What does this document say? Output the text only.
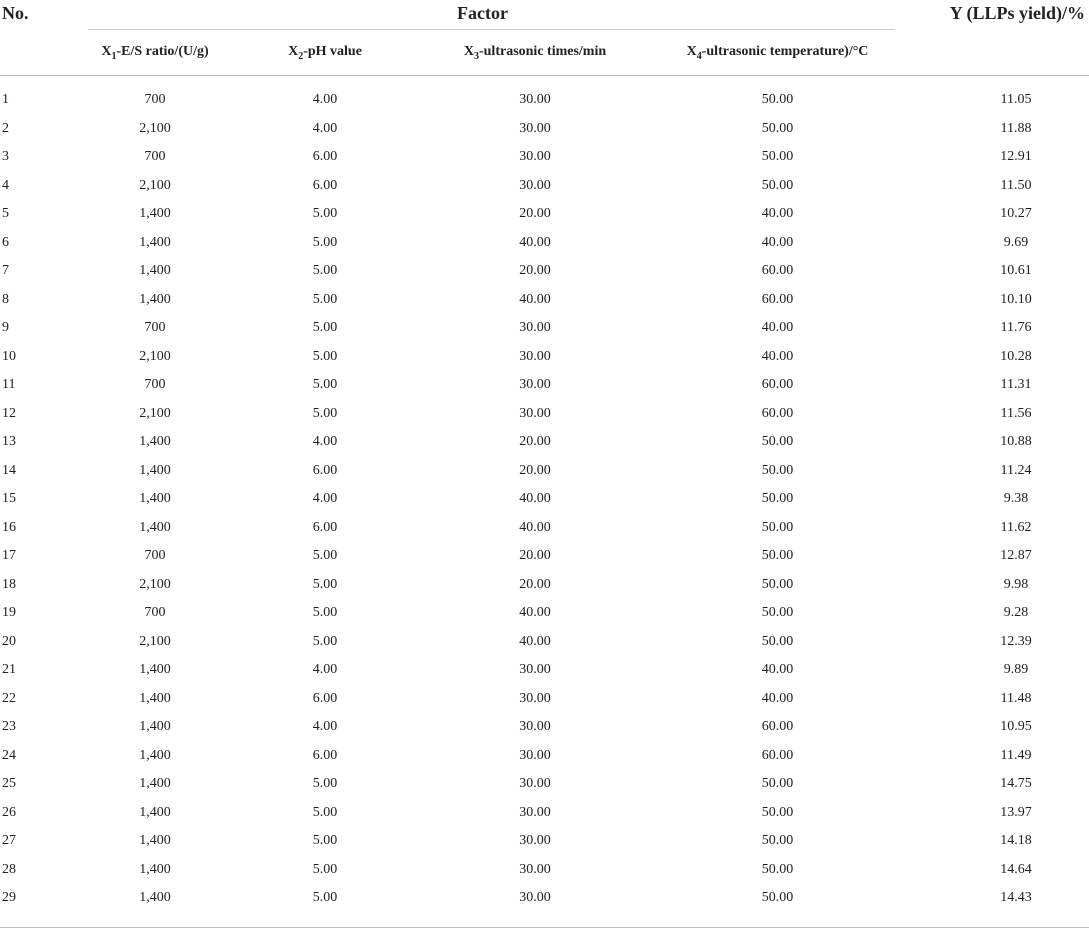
No.	Factor				Y (LLPs yield)/%
	$X_1-E/S$ ratio/(U/g)	$X_2-pH$ value	$X_3$-ultrasonic times/min	$X_4$-ultrasonic temperature)/°C	

1	700	4.00	30.00	50.00	11.05
2	2,100	4.00	30.00	50.00	11.88
3	700	6.00	30.00	50.00	12.91
4	2,100	6.00	30.00	50.00	11.50
5	1,400	5.00	20.00	40.00	10.27
6	1,400	5.00	40.00	40.00	9.69
7	1,400	5.00	20.00	60.00	10.61
8	1,400	5.00	40.00	60.00	10.10
9	700	5.00	30.00	40.00	11.76
10	2,100	5.00	30.00	40.00	10.28
11	700	5.00	30.00	60.00	11.31
12	2,100	5.00	30.00	60.00	11.56
13	1,400	4.00	20.00	50.00	10.88
14	1,400	6.00	20.00	50.00	11.24
15	1,400	4.00	40.00	50.00	9.38
16	1,400	6.00	40.00	50.00	11.62
17	700	5.00	20.00	50.00	12.87
18	2,100	5.00	20.00	50.00	9.98
19	700	5.00	40.00	50.00	9.28
20	2,100	5.00	40.00	50.00	12.39
21	1,400	4.00	30.00	40.00	9.89
22	1,400	6.00	30.00	40.00	11.48
23	1,400	4.00	30.00	60.00	10.95
24	1,400	6.00	30.00	60.00	11.49
25	1,400	5.00	30.00	50.00	14.75
26	1,400	5.00	30.00	50.00	13.97
27	1,400	5.00	30.00	50.00	14.18
28	1,400	5.00	30.00	50.00	14.64
29	1,400	5.00	30.00	50.00	14.43
